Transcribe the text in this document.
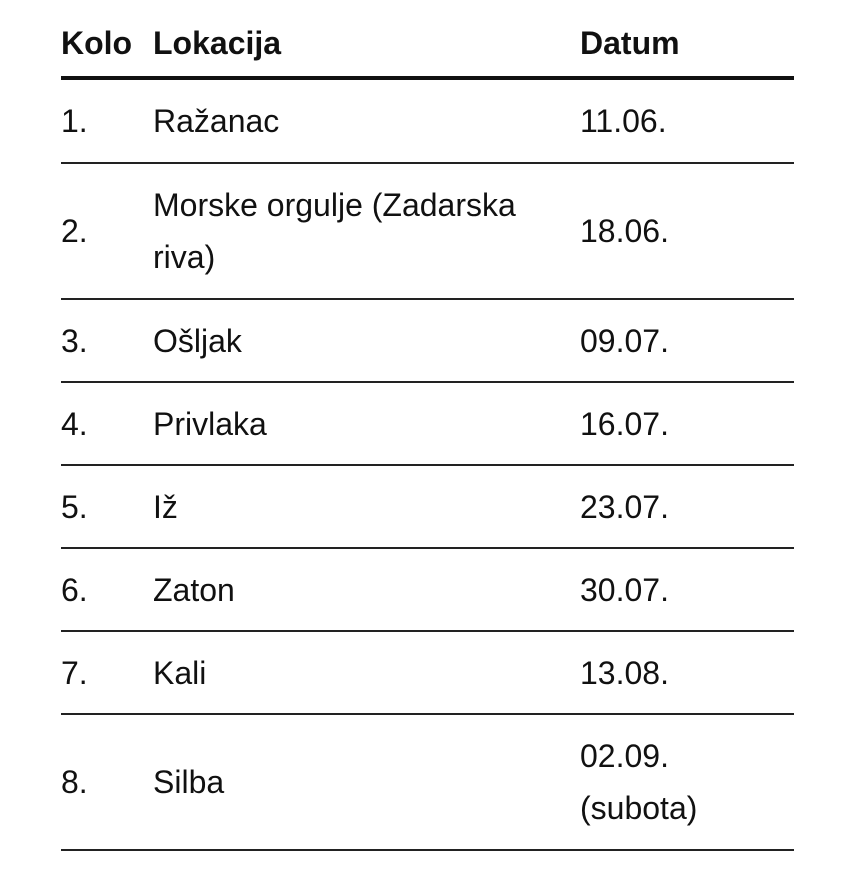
Kolo	Lokacija	Datum
1.	Ražanac	11.06.
2.	Morske orgulje (Zadarska riva)	18.06.
3.	Ošljak	09.07.
4.	Privlaka	16.07.
5.	Iž	23.07.
6.	Zaton	30.07.
7.	Kali	13.08.
8.	Silba	02.09. (subota)
